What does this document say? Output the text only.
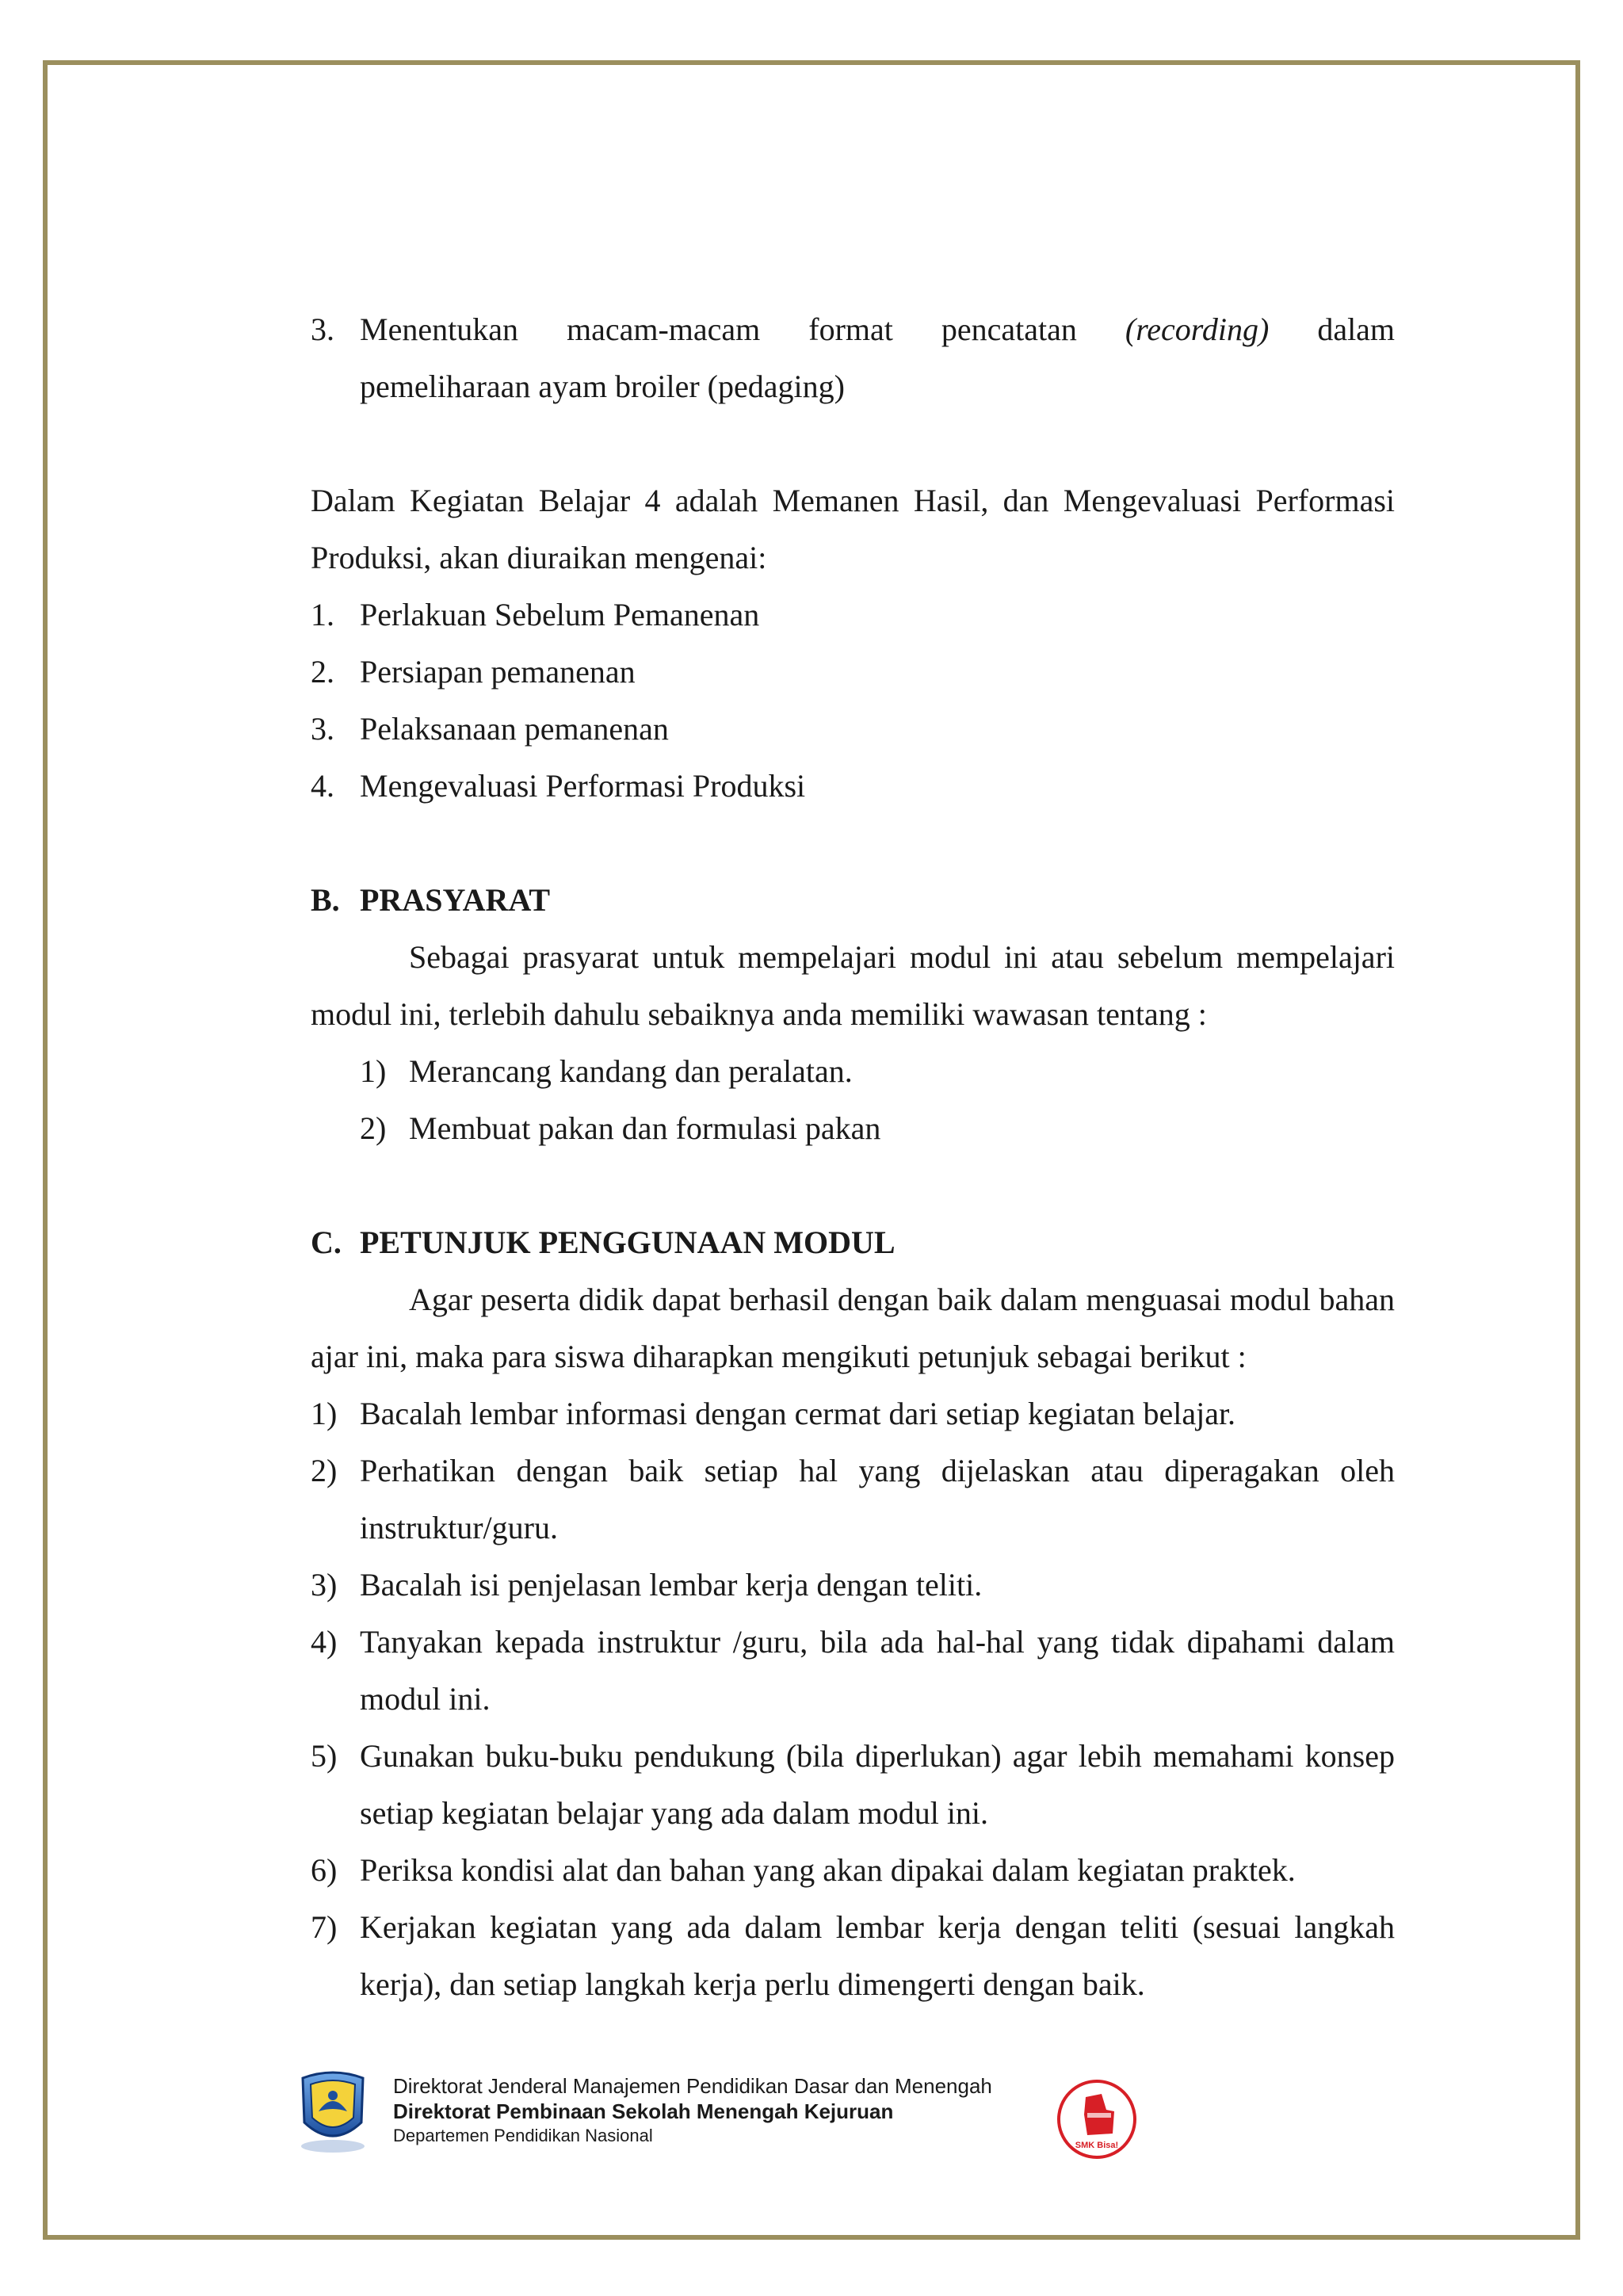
3. Menentukan macam-macam format pencatatan (recording) dalam
pemeliharaan ayam broiler (pedaging)
Dalam Kegiatan Belajar 4 adalah Memanen Hasil, dan Mengevaluasi Performasi Produksi, akan diuraikan mengenai:
1. Perlakuan Sebelum Pemanenan
2. Persiapan pemanenan
3. Pelaksanaan pemanenan
4. Mengevaluasi Performasi Produksi
B. PRASYARAT
Sebagai prasyarat untuk mempelajari modul ini atau sebelum mempelajari modul ini, terlebih dahulu sebaiknya anda memiliki wawasan tentang :
1) Merancang kandang dan peralatan.
2) Membuat pakan dan formulasi pakan
C. PETUNJUK PENGGUNAAN MODUL
Agar peserta didik dapat berhasil dengan baik dalam menguasai modul bahan ajar ini, maka para siswa diharapkan mengikuti petunjuk sebagai berikut :
1) Bacalah lembar informasi dengan cermat dari setiap kegiatan belajar.
2) Perhatikan dengan baik setiap hal yang dijelaskan atau diperagakan oleh instruktur/guru.
3) Bacalah isi penjelasan lembar kerja dengan teliti.
4) Tanyakan kepada instruktur /guru, bila ada hal-hal yang tidak dipahami dalam modul ini.
5) Gunakan buku-buku pendukung (bila diperlukan) agar lebih memahami konsep setiap kegiatan belajar yang ada dalam modul ini.
6) Periksa kondisi alat dan bahan yang akan dipakai dalam kegiatan praktek.
7) Kerjakan kegiatan yang ada dalam lembar kerja dengan teliti (sesuai langkah kerja), dan setiap langkah kerja perlu dimengerti dengan baik.
Direktorat Jenderal Manajemen Pendidikan Dasar dan Menengah
Direktorat Pembinaan Sekolah Menengah Kejuruan
Departemen Pendidikan Nasional	SMK Bisa!
